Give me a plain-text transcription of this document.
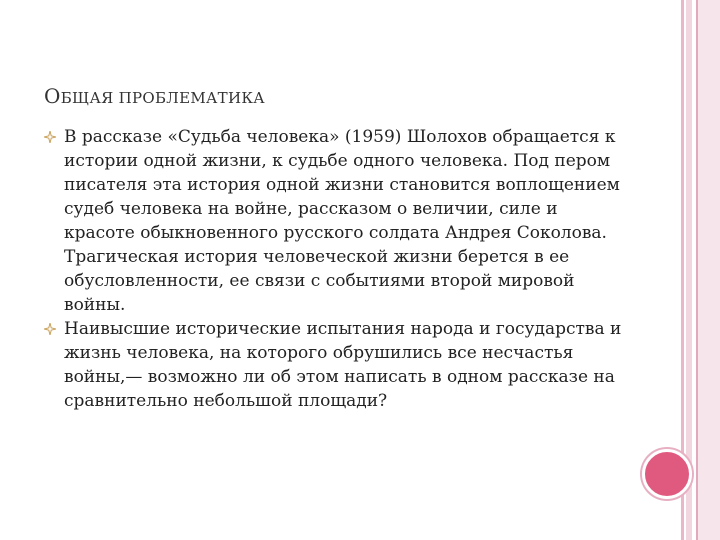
ОБЩАЯ ПРОБЛЕМАТИКА
В рассказе «Судьба человека» (1959) Шолохов обращается к истории одной жизни, к судьбе одного человека. Под пером писателя эта история одной жизни становится воплощением судеб человека на войне, рассказом о величии, силе и красоте обыкновенного русского солдата Андрея Соколова. Трагическая история человеческой жизни берется в ее обусловленности, ее связи с событиями второй мировой войны.
Наивысшие исторические испытания народа и государства и жизнь человека, на которого обрушились все несчастья войны,— возможно ли об этом написать в одном рассказе на сравнительно небольшой площади?
